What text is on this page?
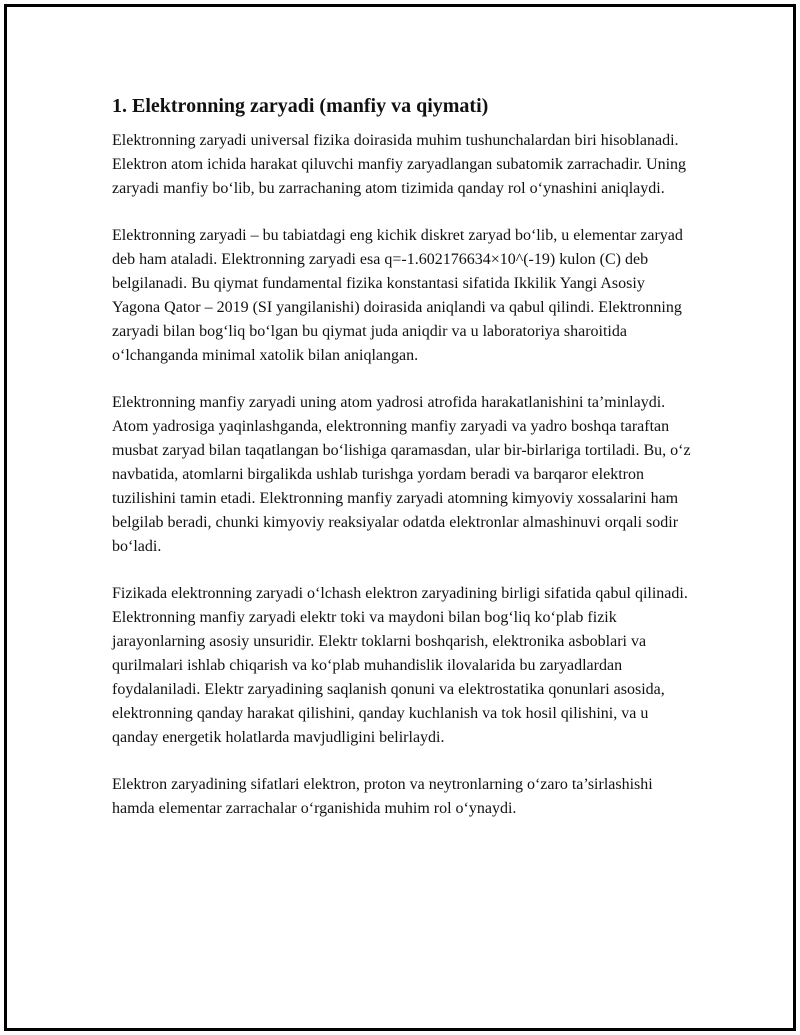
1. Elektronning zaryadi (manfiy va qiymati)

Elektronning zaryadi universal fizika doirasida muhim tushunchalardan biri hisoblanadi. Elektron atom ichida harakat qiluvchi manfiy zaryadlangan subatomik zarrachadir. Uning zaryadi manfiy bo‘lib, bu zarrachaning atom tizimida qanday rol o‘ynashini aniqlaydi.

Elektronning zaryadi – bu tabiatdagi eng kichik diskret zaryad bo‘lib, u elementar zaryad deb ham ataladi. Elektronning zaryadi esa q=-1.602176634×10^(-19) kulon (C) deb belgilanadi. Bu qiymat fundamental fizika konstantasi sifatida Ikkilik Yangi Asosiy Yagona Qator – 2019 (SI yangilanishi) doirasida aniqlandi va qabul qilindi. Elektronning zaryadi bilan bog‘liq bo‘lgan bu qiymat juda aniqdir va u laboratoriya sharoitida o‘lchanganda minimal xatolik bilan aniqlangan.

Elektronning manfiy zaryadi uning atom yadrosi atrofida harakatlanishini ta’minlaydi. Atom yadrosiga yaqinlashganda, elektronning manfiy zaryadi va yadro boshqa taraftan musbat zaryad bilan taqatlangan bo‘lishiga qaramasdan, ular bir-birlariga tortiladi. Bu, o‘z navbatida, atomlarni birgalikda ushlab turishga yordam beradi va barqaror elektron tuzilishini tamin etadi. Elektronning manfiy zaryadi atomning kimyoviy xossalarini ham belgilab beradi, chunki kimyoviy reaksiyalar odatda elektronlar almashinuvi orqali sodir bo‘ladi.

Fizikada elektronning zaryadi o‘lchash elektron zaryadining birligi sifatida qabul qilinadi. Elektronning manfiy zaryadi elektr toki va maydoni bilan bog‘liq ko‘plab fizik jarayonlarning asosiy unsuridir. Elektr toklarni boshqarish, elektronika asboblari va qurilmalari ishlab chiqarish va ko‘plab muhandislik ilovalarida bu zaryadlardan foydalaniladi. Elektr zaryadining saqlanish qonuni va elektrostatika qonunlari asosida, elektronning qanday harakat qilishini, qanday kuchlanish va tok hosil qilishini, va u qanday energetik holatlarda mavjudligini belirlaydi.

Elektron zaryadining sifatlari elektron, proton va neytronlarning o‘zaro ta’sirlashishi hamda elementar zarrachalar o‘rganishida muhim rol o‘ynaydi.
